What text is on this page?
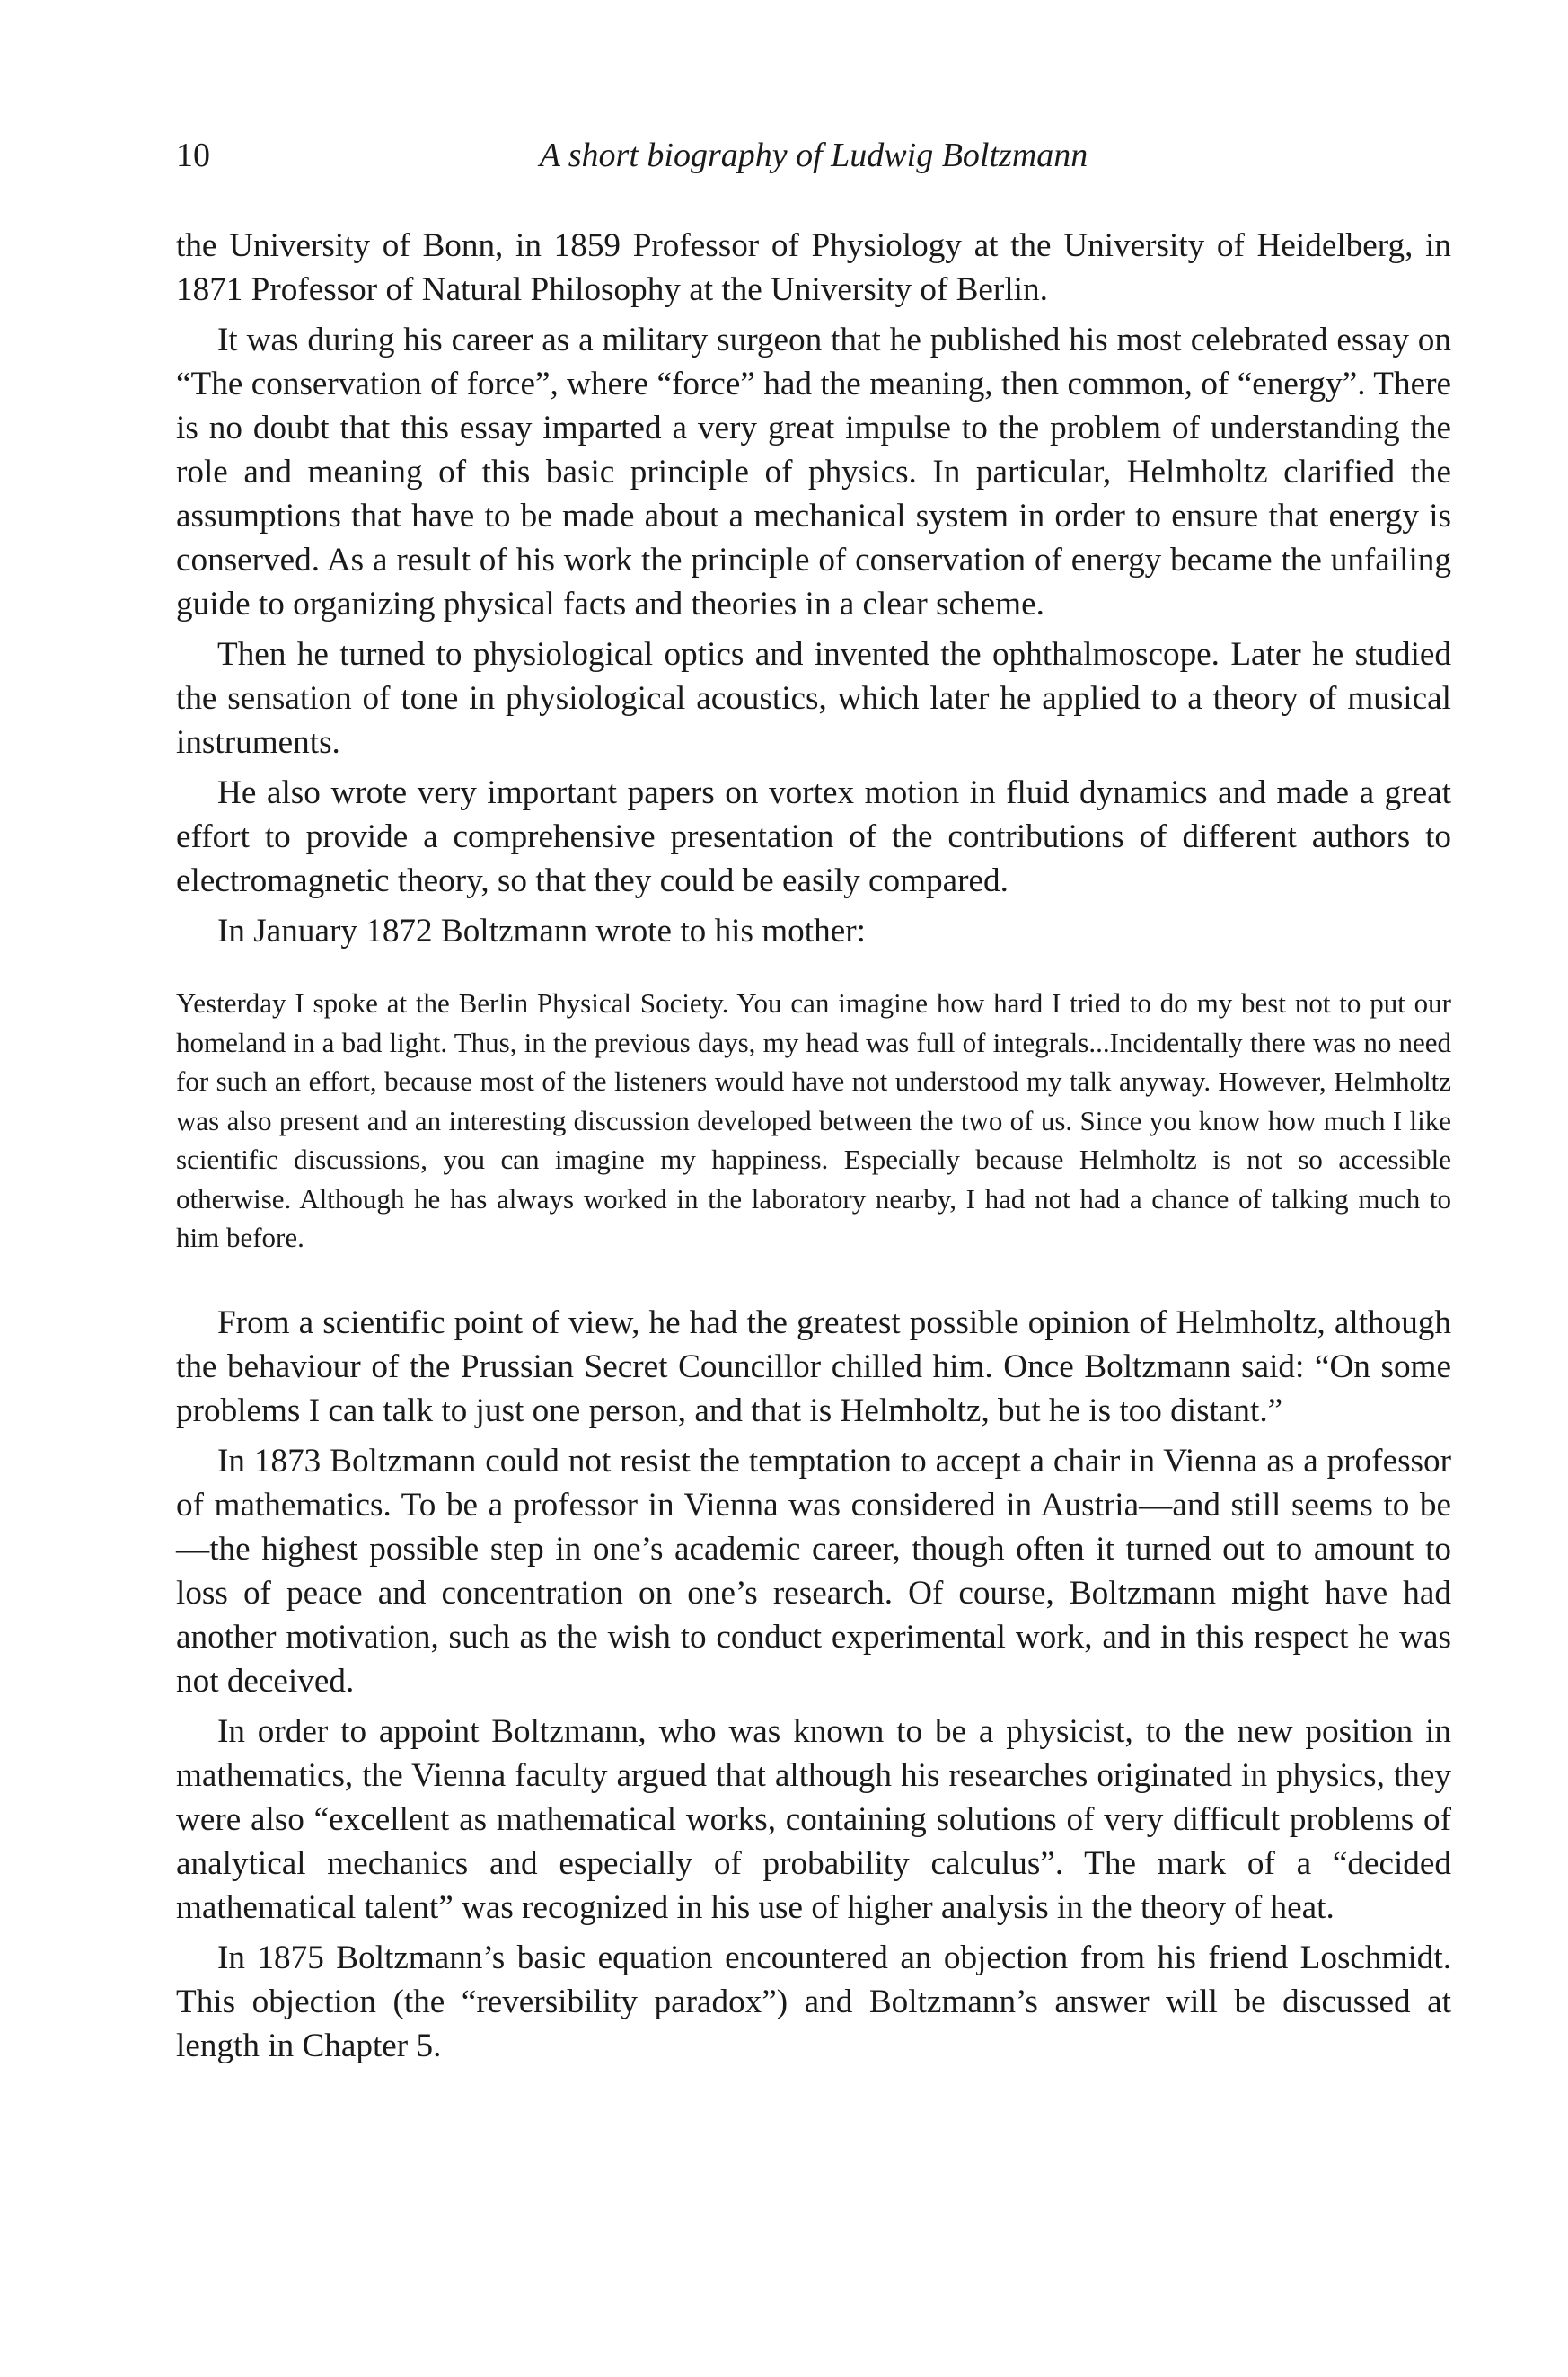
10	A short biography of Ludwig Boltzmann

the University of Bonn, in 1859 Professor of Physiology at the University of Heidelberg, in 1871 Professor of Natural Philosophy at the University of Berlin.

It was during his career as a military surgeon that he published his most celebrated essay on “The conservation of force”, where “force” had the meaning, then common, of “energy”. There is no doubt that this essay imparted a very great impulse to the problem of understanding the role and meaning of this basic principle of physics. In particular, Helmholtz clarified the assumptions that have to be made about a mechanical system in order to ensure that energy is conserved. As a result of his work the principle of conservation of energy became the unfailing guide to organizing physical facts and theories in a clear scheme.

Then he turned to physiological optics and invented the ophthalmoscope. Later he studied the sensation of tone in physiological acoustics, which later he applied to a theory of musical instruments.

He also wrote very important papers on vortex motion in fluid dynamics and made a great effort to provide a comprehensive presentation of the contributions of different authors to electromagnetic theory, so that they could be easily compared.

In January 1872 Boltzmann wrote to his mother:

Yesterday I spoke at the Berlin Physical Society. You can imagine how hard I tried to do my best not to put our homeland in a bad light. Thus, in the previous days, my head was full of integrals...Incidentally there was no need for such an effort, because most of the listeners would have not understood my talk anyway. However, Helmholtz was also present and an interesting discussion developed between the two of us. Since you know how much I like scientific discussions, you can imagine my happiness. Especially because Helmholtz is not so accessible otherwise. Although he has always worked in the laboratory nearby, I had not had a chance of talking much to him before.

From a scientific point of view, he had the greatest possible opinion of Helmholtz, although the behaviour of the Prussian Secret Councillor chilled him. Once Boltzmann said: “On some problems I can talk to just one person, and that is Helmholtz, but he is too distant.”

In 1873 Boltzmann could not resist the temptation to accept a chair in Vienna as a professor of mathematics. To be a professor in Vienna was considered in Austria—and still seems to be—the highest possible step in one’s academic career, though often it turned out to amount to loss of peace and concentration on one’s research. Of course, Boltzmann might have had another motivation, such as the wish to conduct experimental work, and in this respect he was not deceived.

In order to appoint Boltzmann, who was known to be a physicist, to the new position in mathematics, the Vienna faculty argued that although his researches originated in physics, they were also “excellent as mathematical works, containing solutions of very difficult problems of analytical mechanics and especially of probability calculus”. The mark of a “decided mathematical talent” was recognized in his use of higher analysis in the theory of heat.

In 1875 Boltzmann’s basic equation encountered an objection from his friend Loschmidt. This objection (the “reversibility paradox”) and Boltzmann’s answer will be discussed at length in Chapter 5.
